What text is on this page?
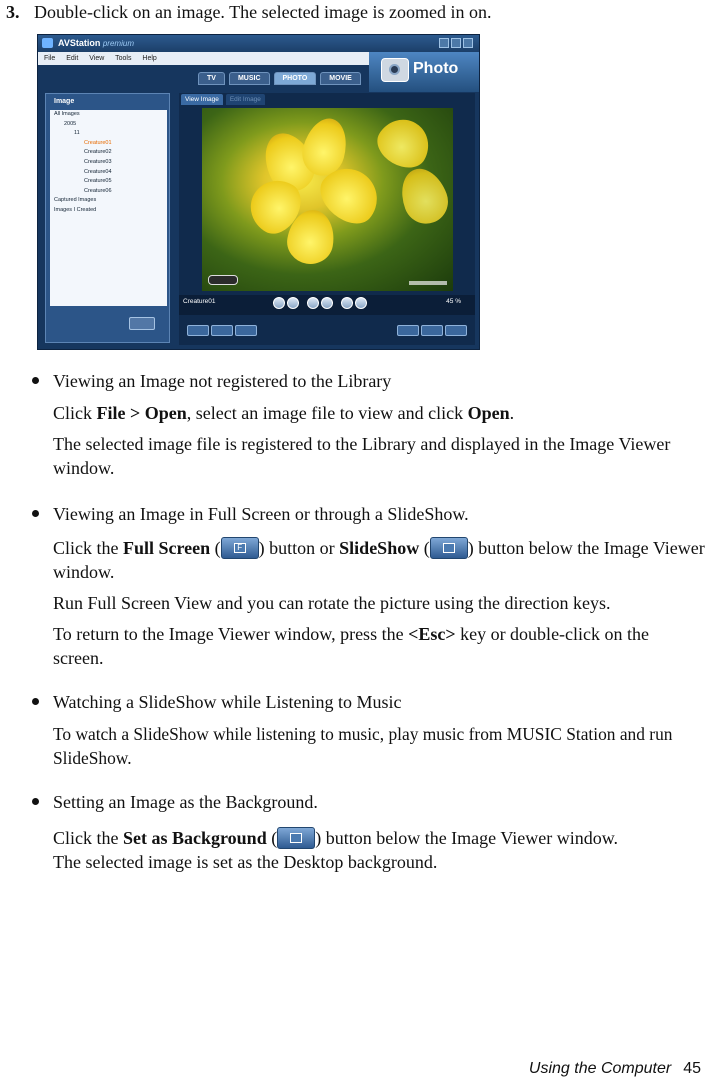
3. Double-click on an image. The selected image is zoomed in on.
AVStation premium
File Edit View Tools Help
Photo
TV	MUSIC	PHOTO	MOVIE
Image
All Images
2005
11
Creature01
Creature02
Creature03
Creature04
Creature05
Creature06
Captured Images
Images I Created
View Image	Edit Image
Creature01	45 %
Viewing an Image not registered to the Library
Click File > Open, select an image file to view and click Open.
The selected image file is registered to the Library and displayed in the Image Viewer window.
Viewing an Image in Full Screen or through a SlideShow.
Click the Full Screen (F ) button or SlideShow ( ) button below the Image Viewer window.
Run Full Screen View and you can rotate the picture using the direction keys.
To return to the Image Viewer window, press the <Esc> key or double-click on the screen.
Watching a SlideShow while Listening to Music
To watch a SlideShow while listening to music, play music from MUSIC Station and run SlideShow.
Setting an Image as the Background.
Click the Set as Background ( ) button below the Image Viewer window.
The selected image is set as the Desktop background.
Using the Computer 45
